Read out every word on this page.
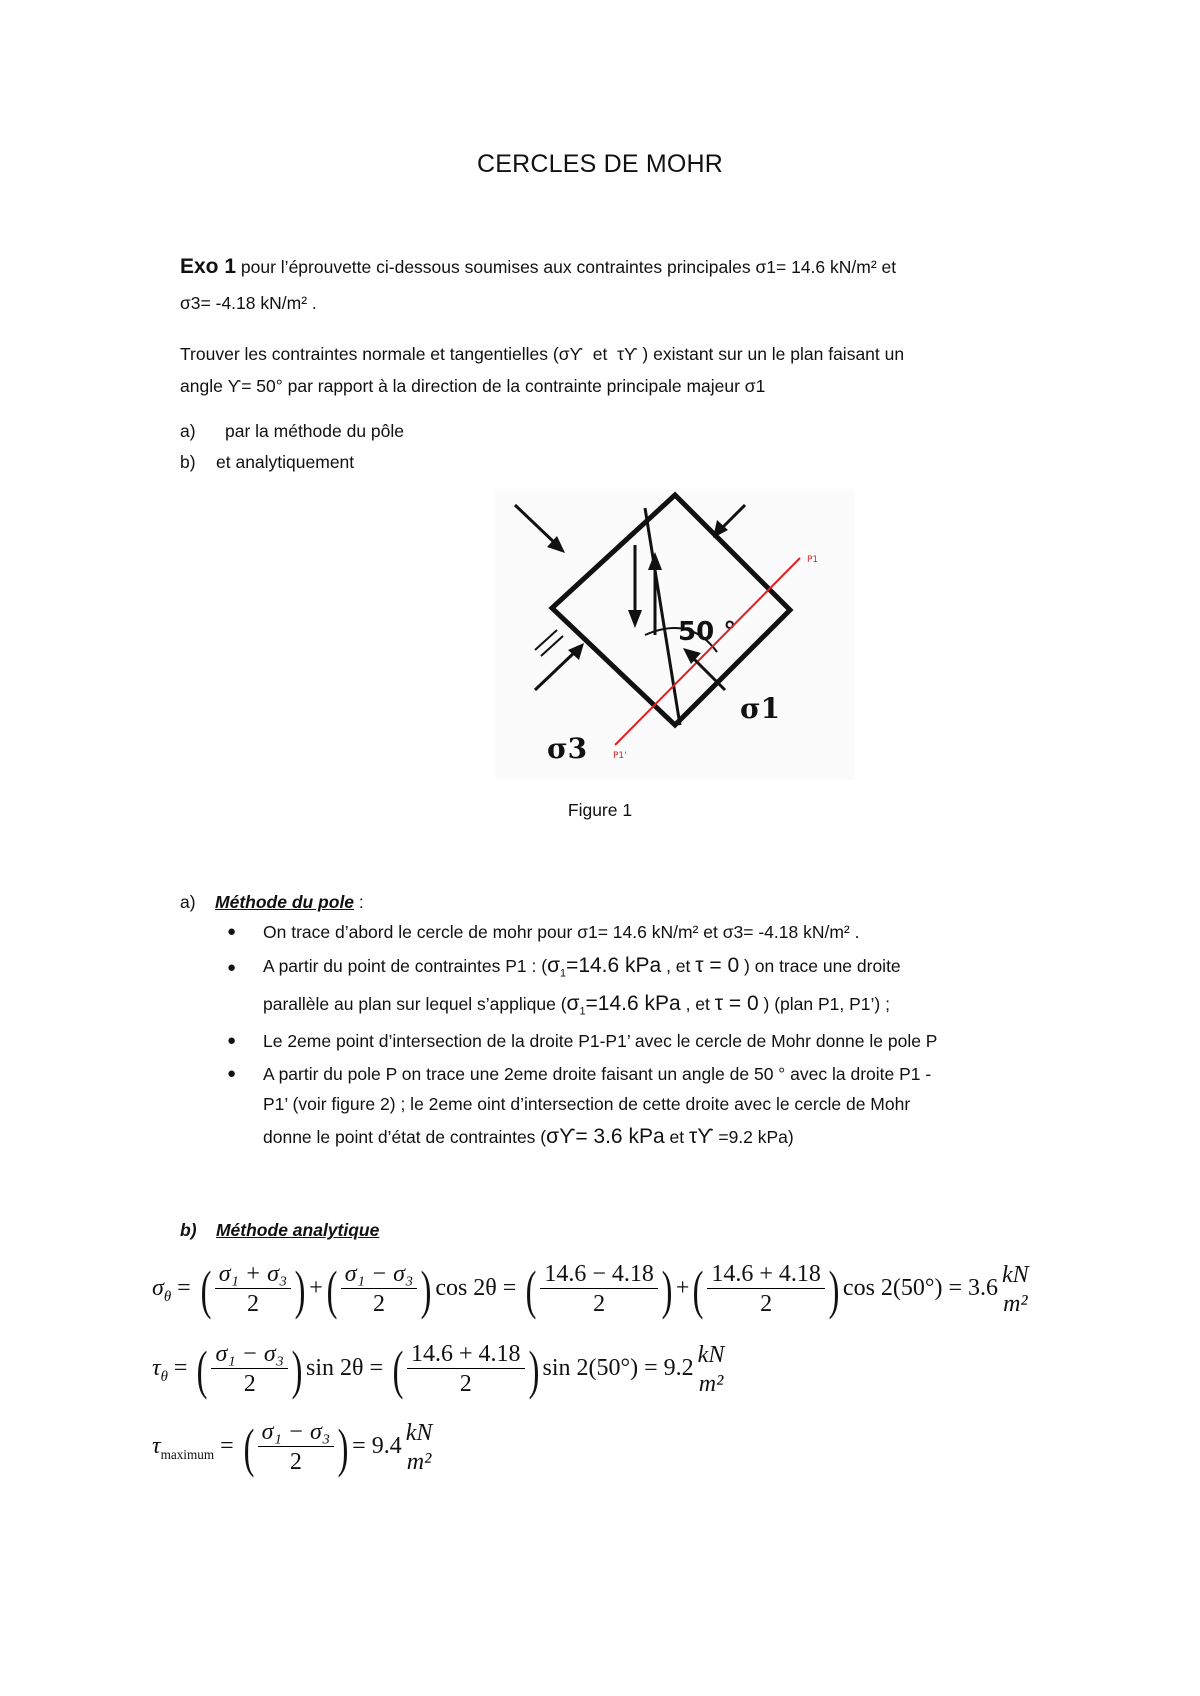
CERCLES DE MOHR
Exo 1 pour l’éprouvette ci-dessous soumises aux contraintes principales σ1= 14.6 kN/m² et
σ3= -4.18 kN/m² .
Trouver les contraintes normale et tangentielles (σϒ et τϒ ) existant sur un le plan faisant un
angle ϒ= 50° par rapport à la direction de la contrainte principale majeur σ1
a) par la méthode du pôle
b) et analytiquement
50 °
P1
P1'
σ1
σ3
Figure 1
a) Méthode du pole :
● On trace d’abord le cercle de mohr pour σ1= 14.6 kN/m² et σ3= -4.18 kN/m² .
● A partir du point de contraintes P1 : ($\sigma_1=14.6$ kPa , et τ = 0 ) on trace une droite
parallèle au plan sur lequel s’applique ($\sigma_1=14.6$ kPa , et τ = 0 ) (plan P1, P1’) ;
● Le 2eme point d’intersection de la droite P1-P1’ avec le cercle de Mohr donne le pole P
● A partir du pole P on trace une 2eme droite faisant un angle de 50 ° avec la droite P1 -
P1’ (voir figure 2) ; le 2eme oint d’intersection de cette droite avec le cercle de Mohr
donne le point d’état de contraintes (σϒ= 3.6 kPa et τϒ =9.2 kPa)
b) Méthode analytique
$\sigma_\theta$ = ( $\frac{\text{σ₁ + σ₃}}{2}$ ) +( $\frac{\text{σ₁ − σ₃}}{2}$ ) cos 2θ = ( $\frac{14.6 - 4.18}{2}$ ) +( $\frac{14.6 + 4.18}{2}$ ) cos 2(50°) = 3.6
kN
m²
$\tau_\theta$ = ( $\frac{\text{σ₁ − σ₃}}{2}$ ) sin 2θ = ( $\frac{14.6 + 4.18}{2}$ ) sin 2(50°) = 9.2
kN
m²
$\tau_{maximum}$ = ( $\frac{\text{σ₁ − σ₃}}{2}$ ) = 9.4
kN
m²
